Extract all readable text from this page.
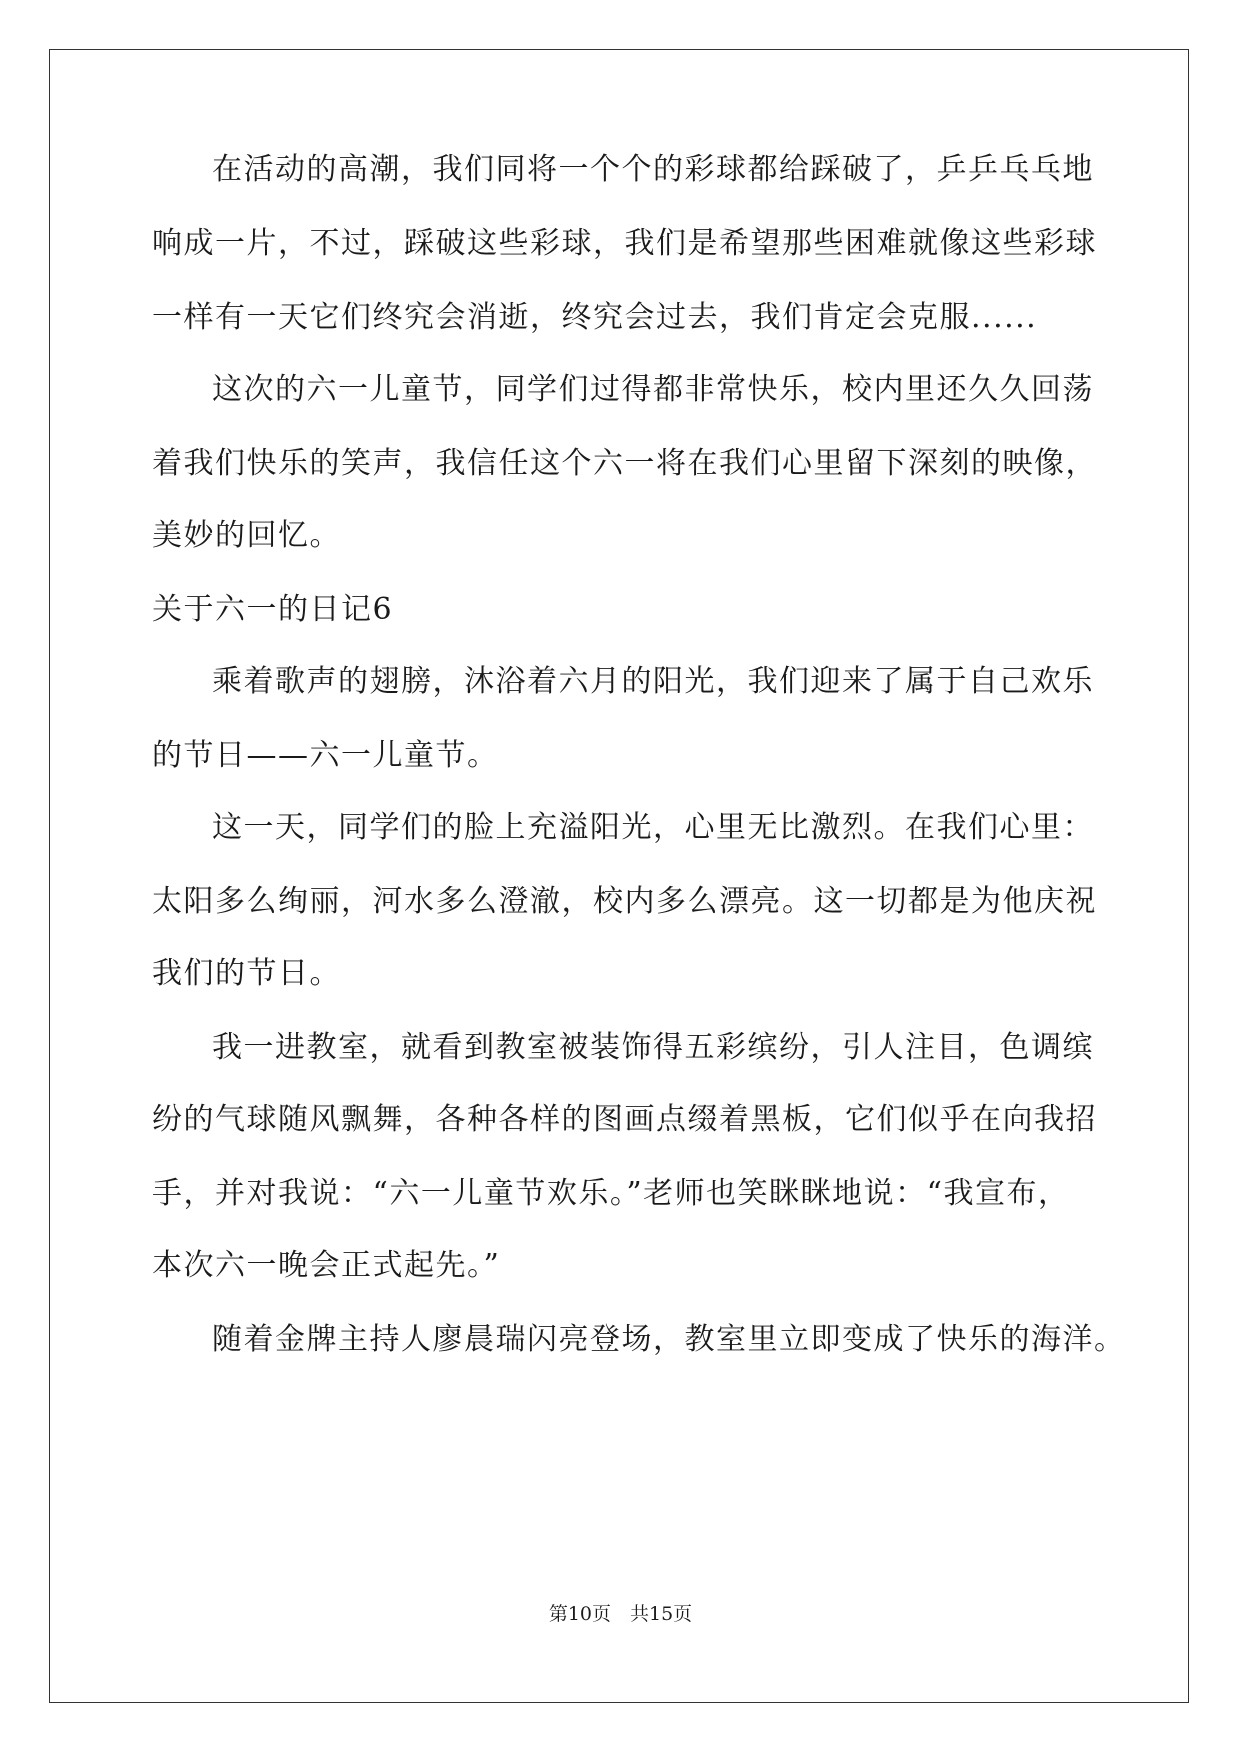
在活动的高潮，我们同将一个个的彩球都给踩破了，乒乒乓乓地
响成一片，不过，踩破这些彩球，我们是希望那些困难就像这些彩球
一样有一天它们终究会消逝，终究会过去，我们肯定会克服......
这次的六一儿童节，同学们过得都非常快乐，校内里还久久回荡
着我们快乐的笑声，我信任这个六一将在我们心里留下深刻的映像，
美妙的回忆。
关于六一的日记6
乘着歌声的翅膀，沐浴着六月的阳光，我们迎来了属于自己欢乐
的节日——六一儿童节。
这一天，同学们的脸上充溢阳光，心里无比激烈。在我们心里：
太阳多么绚丽，河水多么澄澈，校内多么漂亮。这一切都是为他庆祝
我们的节日。
我一进教室，就看到教室被装饰得五彩缤纷，引人注目，色调缤
纷的气球随风飘舞，各种各样的图画点缀着黑板，它们似乎在向我招
手，并对我说：“六一儿童节欢乐。”老师也笑眯眯地说：“我宣布，
本次六一晚会正式起先。”
随着金牌主持人廖晨瑞闪亮登场，教室里立即变成了快乐的海洋。
第10页　共15页
